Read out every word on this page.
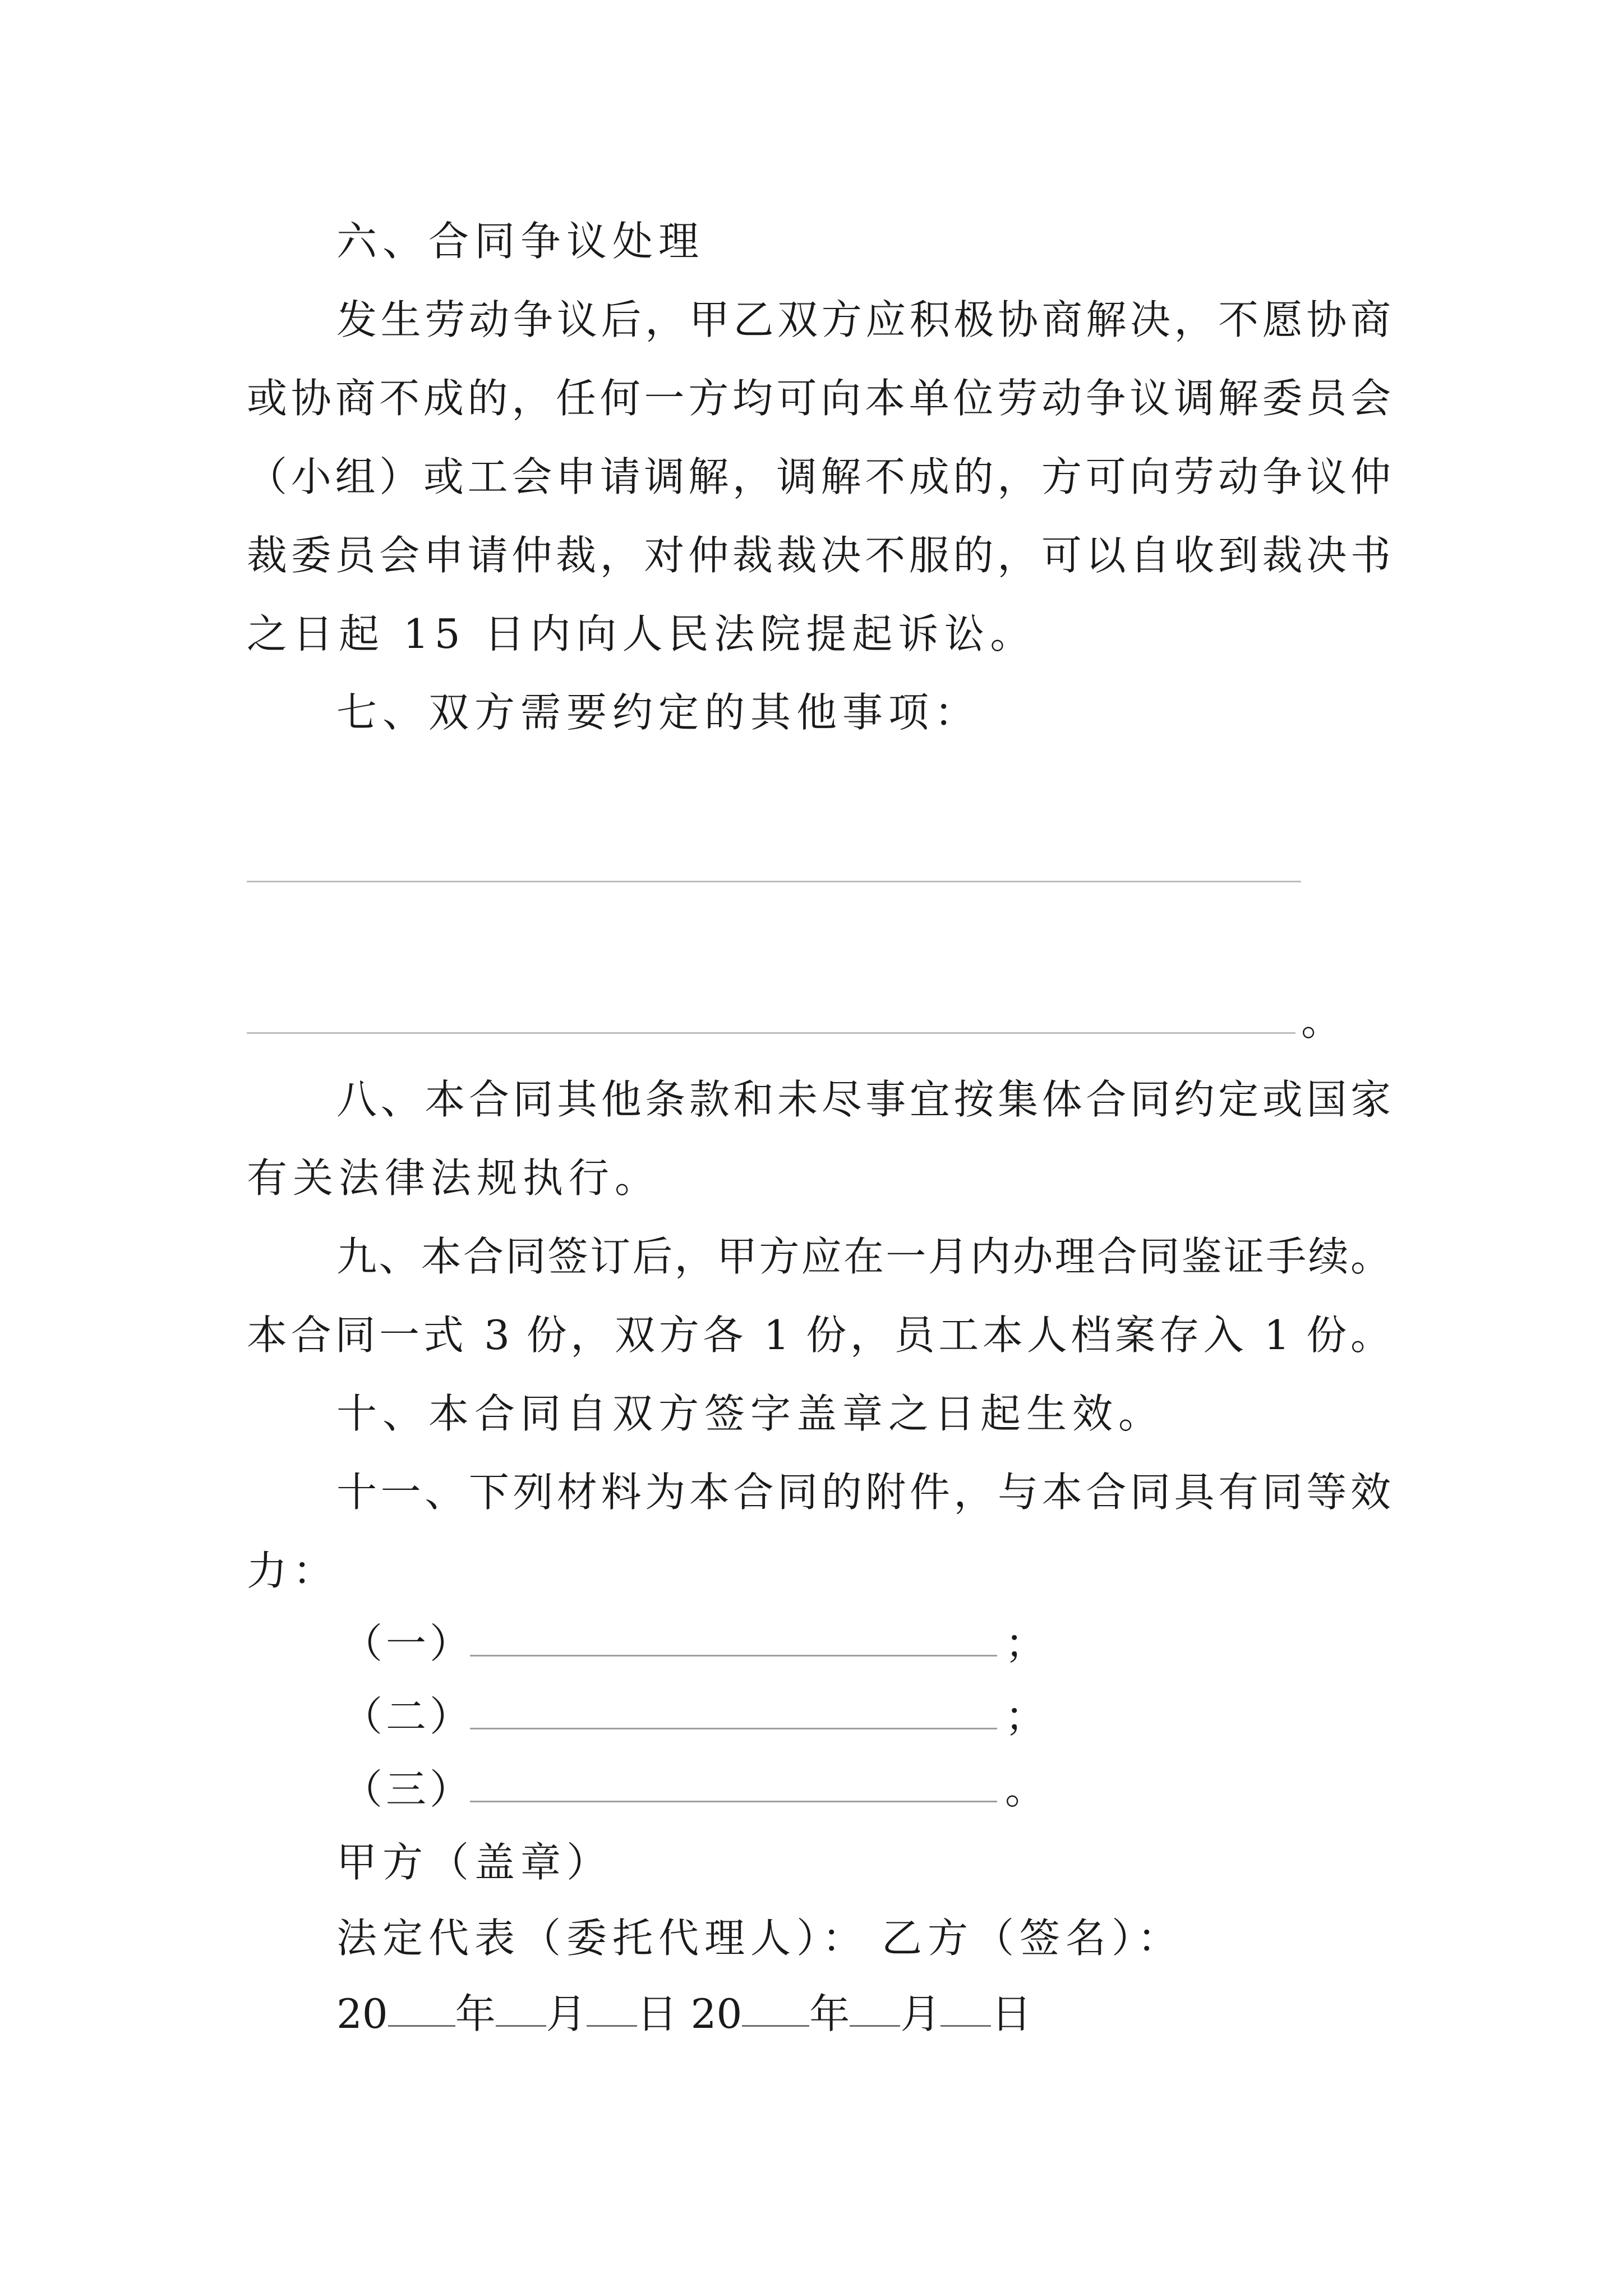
六、合同争议处理
发生劳动争议后，甲乙双方应积极协商解决，不愿协商
或协商不成的，任何一方均可向本单位劳动争议调解委员会
（小组）或工会申请调解，调解不成的，方可向劳动争议仲
裁委员会申请仲裁，对仲裁裁决不服的，可以自收到裁决书
之日起 15 日内向人民法院提起诉讼。
七、双方需要约定的其他事项：
。
八、本合同其他条款和未尽事宜按集体合同约定或国家
有关法律法规执行。
九、本合同签订后，甲方应在一月内办理合同鉴证手续。
本合同一式 3 份，双方各 1 份，员工本人档案存入 1 份。
十、本合同自双方签字盖章之日起生效。
十一、下列材料为本合同的附件，与本合同具有同等效
力：
（一）	；
（二）	；
（三）	。
甲方（盖章）
法定代表（委托代理人）： 乙方（签名）：
20 年 月 日 20 年 月 日
